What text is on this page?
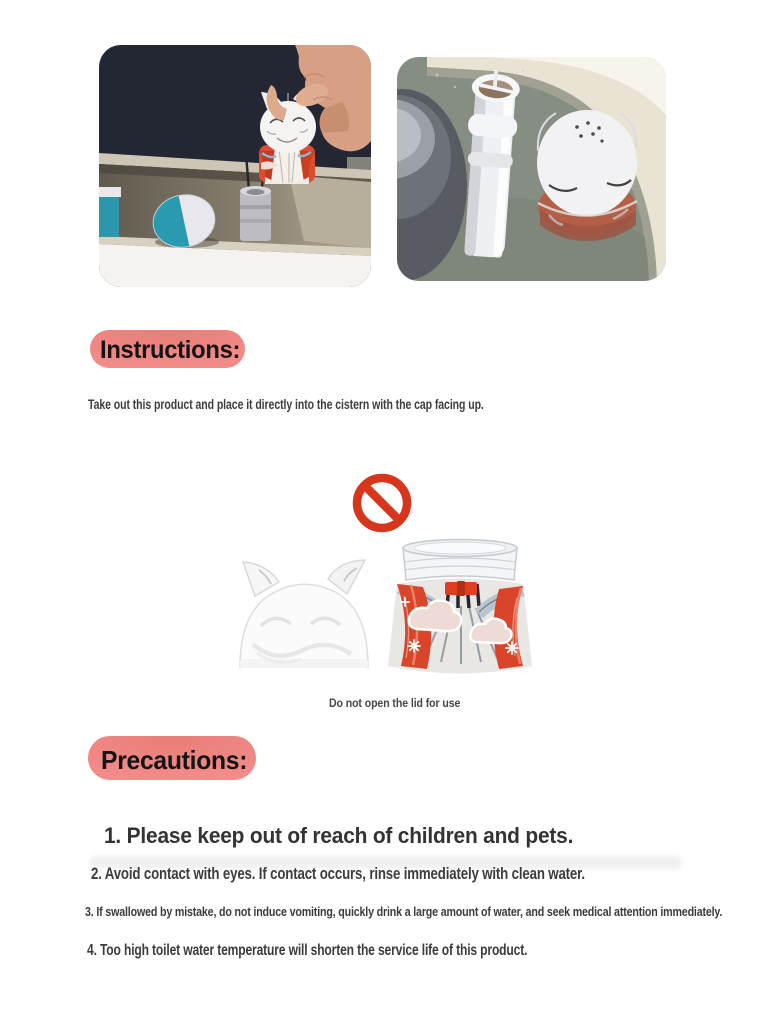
Instructions:
Take out this product and place it directly into the cistern with the cap facing up.
Do not open the lid for use
Precautions:
1. Please keep out of reach of children and pets.
2. Avoid contact with eyes. If contact occurs, rinse immediately with clean water.
3. If swallowed by mistake, do not induce vomiting, quickly drink a large amount of water, and seek medical attention immediately.
4. Too high toilet water temperature will shorten the service life of this product.
